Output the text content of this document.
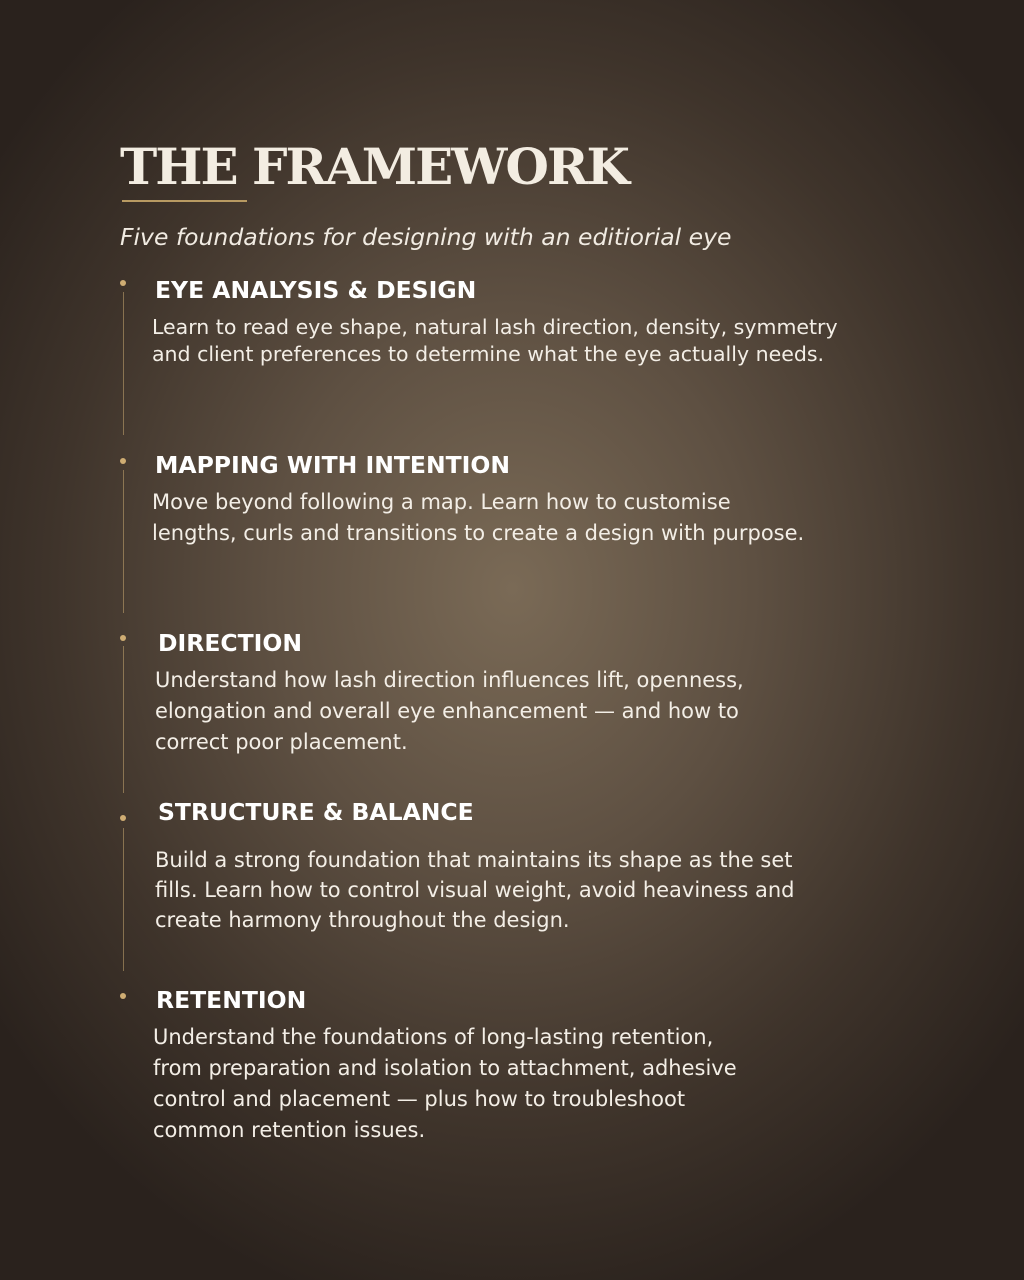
THE FRAMEWORK

Five foundations for designing with an editiorial eye

EYE ANALYSIS & DESIGN

Learn to read eye shape, natural lash direction, density, symmetry
and client preferences to determine what the eye actually needs.

MAPPING WITH INTENTION

Move beyond following a map. Learn how to customise
lengths, curls and transitions to create a design with purpose.

DIRECTION

Understand how lash direction influences lift, openness,
elongation and overall eye enhancement — and how to
correct poor placement.

STRUCTURE & BALANCE

Build a strong foundation that maintains its shape as the set
fills. Learn how to control visual weight, avoid heaviness and
create harmony throughout the design.

RETENTION

Understand the foundations of long-lasting retention,
from preparation and isolation to attachment, adhesive
control and placement — plus how to troubleshoot
common retention issues.
